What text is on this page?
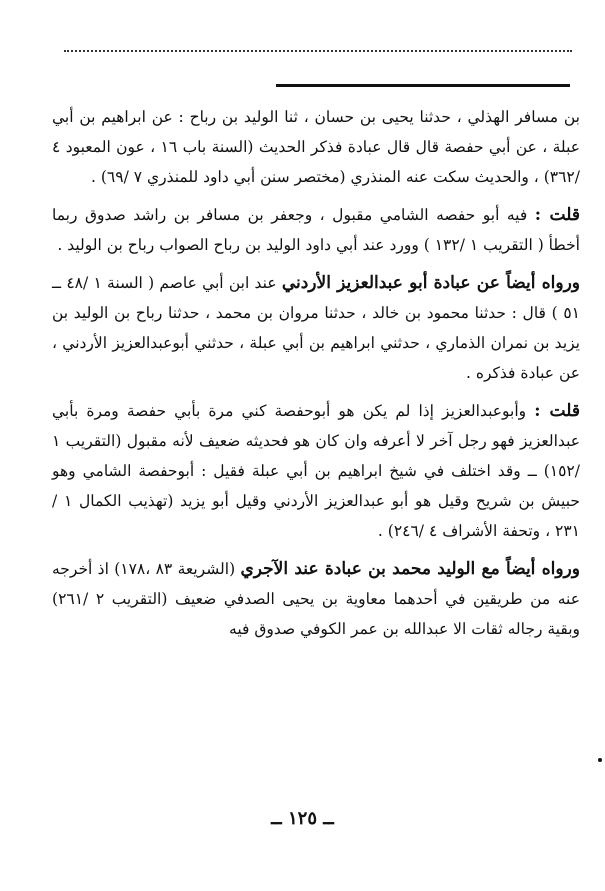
بن مسافر الهذلي ، حدثنا يحيى بن حسان ، ثنا الوليد بن رباح : عن ابراهيم بن أبي عبلة ، عن أبي حفصة قال قال عبادة فذكر الحديث (السنة باب ١٦ ، عون المعبود ٤ /٣٦٢) ، والحديث سكت عنه المنذري (مختصر سنن أبي داود للمنذري ٧ /٦٩) .

قلت : فيه أبو حفصه الشامي مقبول ، وجعفر بن مسافر بن راشد صدوق ربما أخطأ ( التقريب ١ /١٣٢ ) وورد عند أبي داود الوليد بن رباح الصواب رباح بن الوليد .

ورواه أيضاً عن عبادة أبو عبدالعزيز الأردني عند ابن أبي عاصم ( السنة ١ /٤٨ ــ ٥١ ) قال : حدثنا محمود بن خالد ، حدثنا مروان بن محمد ، حدثنا رباح بن الوليد بن يزيد بن نمران الذماري ، حدثني ابراهيم بن أبي عبلة ، حدثني أبوعبدالعزيز الأردني ، عن عبادة فذكره .

قلت : وأبوعبدالعزيز إذا لم يكن هو أبوحفصة كني مرة بأبي حفصة ومرة بأبي عبدالعزيز فهو رجل آخر لا أعرفه وان كان هو فحديثه ضعيف لأنه مقبول (التقريب ١ /١٥٢) ــ وقد اختلف في شيخ ابراهيم بن أبي عبلة فقيل : أبوحفصة الشامي وهو حبيش بن شريح وقيل هو أبو عبدالعزيز الأردني وقيل أبو يزيد (تهذيب الكمال ١ /٢٣١ ، وتحفة الأشراف ٤ /٢٤٦) .

ورواه أيضاً مع الوليد محمد بن عبادة عند الآجري (الشريعة ٨٣ ،١٧٨) اذ أخرجه عنه من طريقين في أحدهما معاوية بن يحيى الصدفي ضعيف (التقريب ٢ /٢٦١) وبقية رجاله ثقات الا عبدالله بن عمر الكوفي صدوق فيه

ــ ١٢٥ ــ
